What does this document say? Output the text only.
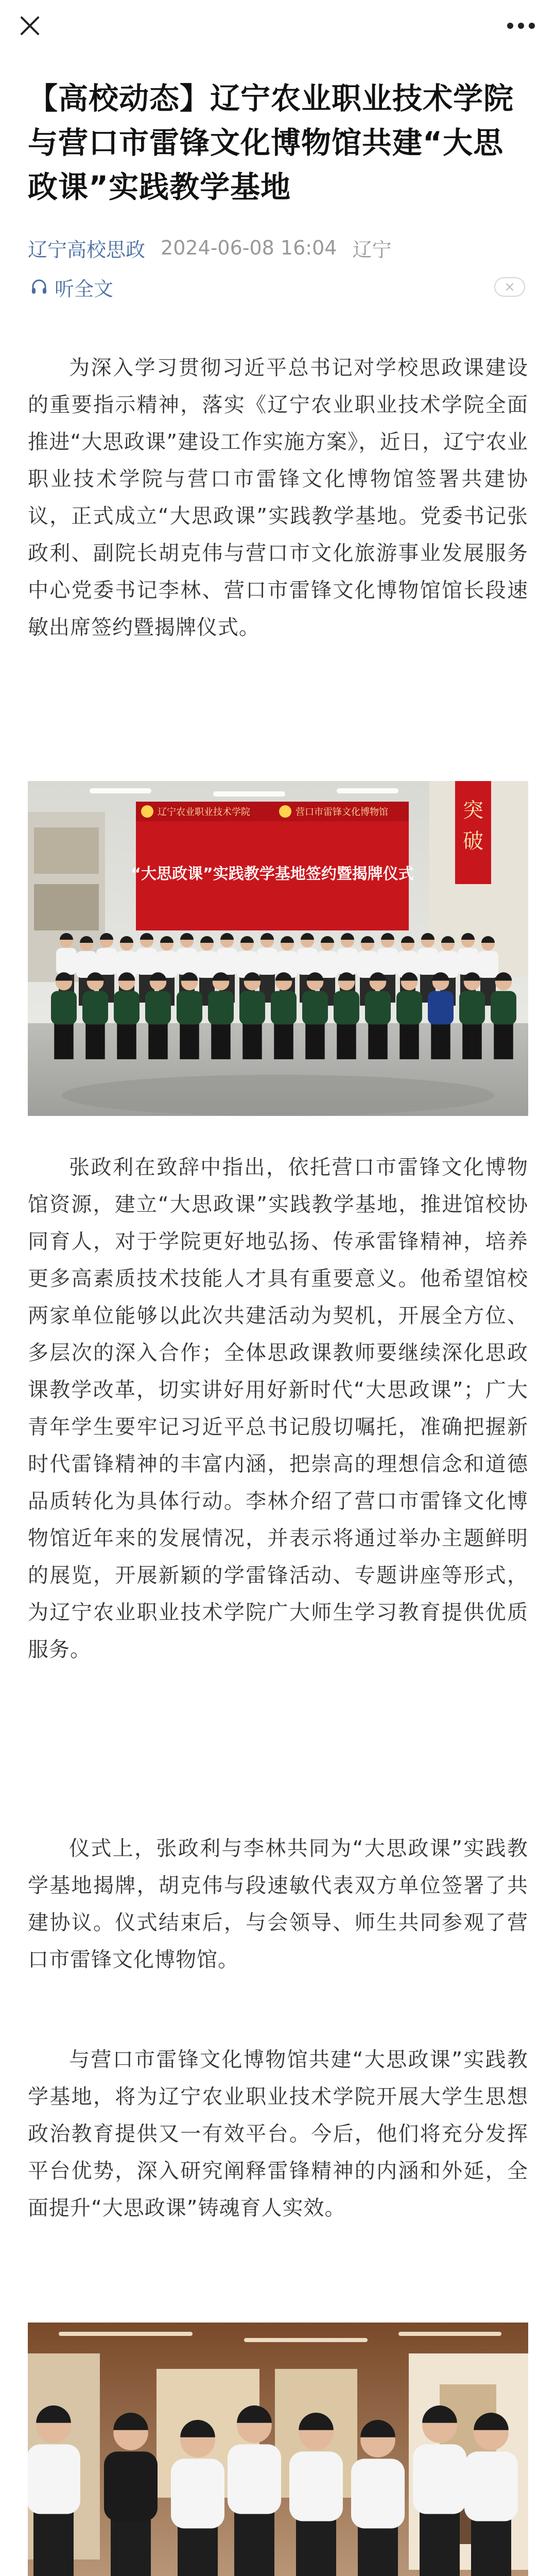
【高校动态】辽宁农业职业技术学院与营口市雷锋文化博物馆共建“大思政课”实践教学基地
辽宁高校思政 2024-06-08 16:04 辽宁
听全文

为深入学习贯彻习近平总书记对学校思政课建设的重要指示精神，落实《辽宁农业职业技术学院全面推进“大思政课”建设工作实施方案》，近日，辽宁农业职业技术学院与营口市雷锋文化博物馆签署共建协议，正式成立“大思政课”实践教学基地。党委书记张政利、副院长胡克伟与营口市文化旅游事业发展服务中心党委书记李林、营口市雷锋文化博物馆馆长段速敏出席签约暨揭牌仪式。

突
破
辽宁农业职业技术学院	营口市雷锋文化博物馆
“大思政课”实践教学基地签约暨揭牌仪式

张政利在致辞中指出，依托营口市雷锋文化博物馆资源，建立“大思政课”实践教学基地，推进馆校协同育人，对于学院更好地弘扬、传承雷锋精神，培养更多高素质技术技能人才具有重要意义。他希望馆校两家单位能够以此次共建活动为契机，开展全方位、多层次的深入合作；全体思政课教师要继续深化思政课教学改革，切实讲好用好新时代“大思政课”；广大青年学生要牢记习近平总书记殷切嘱托，准确把握新时代雷锋精神的丰富内涵，把崇高的理想信念和道德品质转化为具体行动。李林介绍了营口市雷锋文化博物馆近年来的发展情况，并表示将通过举办主题鲜明的展览，开展新颖的学雷锋活动、专题讲座等形式，为辽宁农业职业技术学院广大师生学习教育提供优质服务。

仪式上，张政利与李林共同为“大思政课”实践教学基地揭牌，胡克伟与段速敏代表双方单位签署了共建协议。仪式结束后，与会领导、师生共同参观了营口市雷锋文化博物馆。

与营口市雷锋文化博物馆共建“大思政课”实践教学基地，将为辽宁农业职业技术学院开展大学生思想政治教育提供又一有效平台。今后，他们将充分发挥平台优势，深入研究阐释雷锋精神的内涵和外延，全面提升“大思政课”铸魂育人实效。
